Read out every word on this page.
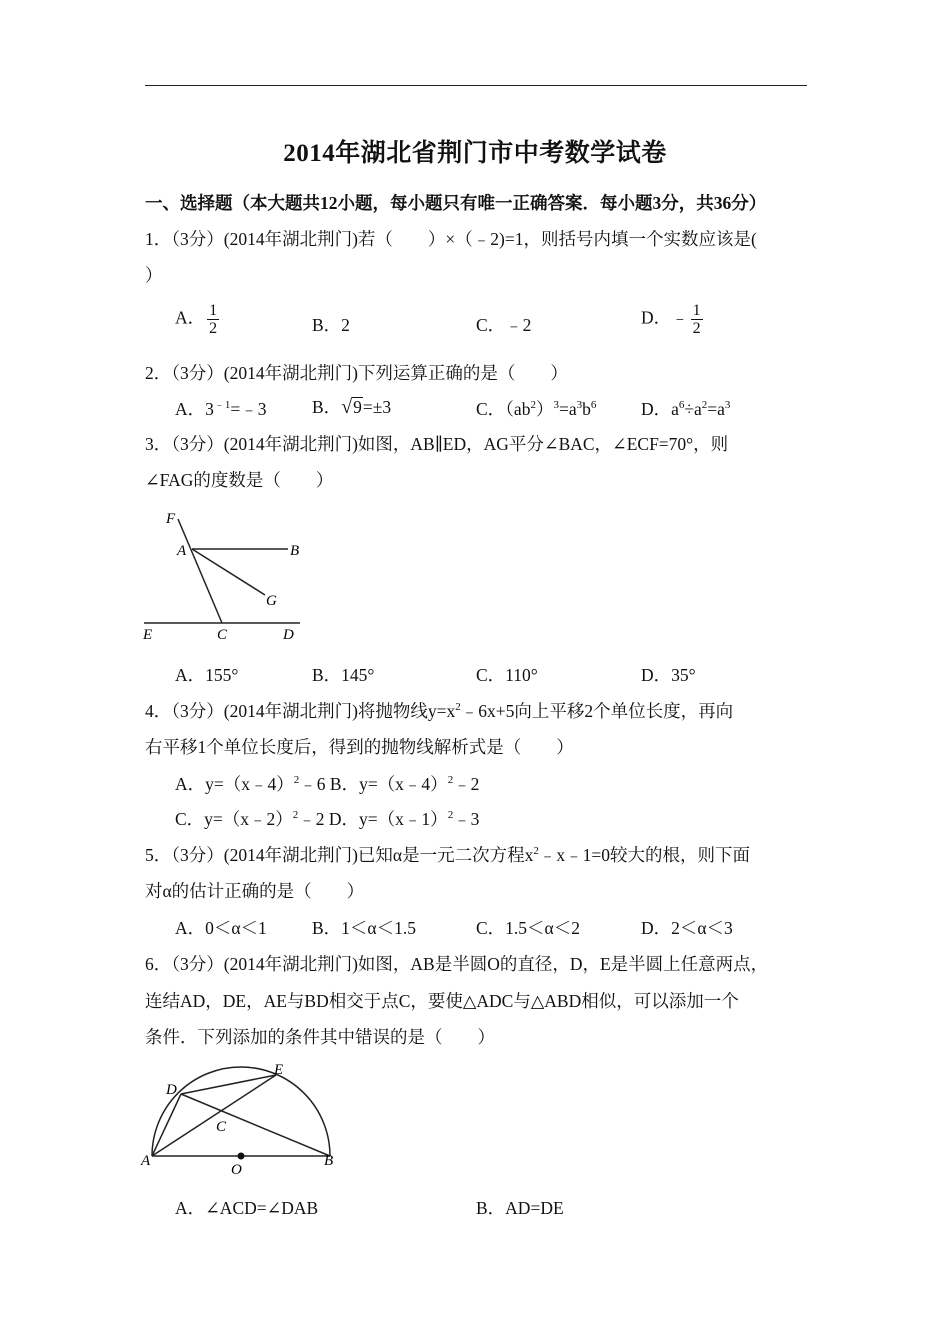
2014年湖北省荆门市中考数学试卷
一、选择题（本大题共12小题，每小题只有唯一正确答案．每小题3分，共36分）
1．（3分）(2014年湖北荆门)若（　　）×（﹣2)=1，则括号内填一个实数应该是(
）
A． $\frac{1}{2}$	B．2	C．﹣2	D．﹣ $\frac{1}{2}$
2．（3分）(2014年湖北荆门)下列运算正确的是（　　）
A．$3^{﹣1}=﹣3$	B． √ 9 =±3	C．$(ab^2)^3=a^3b^6$	D．$a^6\div a^2=a^3$
3．（3分）(2014年湖北荆门)如图，AB∥ED，AG平分∠BAC，∠ECF=70°，则
∠FAG的度数是（　　）
F
A	B
G
E	C	D
A．155°	B．145°	C．110°	D．35°
4．（3分）(2014年湖北荆门)将抛物线$y=x^2﹣6x+5$向上平移2个单位长度，再向
右平移1个单位长度后，得到的抛物线解析式是（　　）
A．y=（x﹣4）$^2$﹣6 B．y=（x﹣4）$^2$﹣2
C．y=（x﹣2）$^2$﹣2 D．y=（x﹣1）$^2$﹣3
5．（3分）(2014年湖北荆门)已知α是一元二次方程$x^2﹣x﹣1=0$较大的根，则下面
对α的估计正确的是（　　）
A．0＜α＜1	B．1＜α＜1.5	C．1.5＜α＜2	D．2＜α＜3
6．（3分）(2014年湖北荆门)如图，AB是半圆O的直径，D，E是半圆上任意两点，
连结AD，DE，AE与BD相交于点C，要使△ADC与△ABD相似，可以添加一个
条件．下列添加的条件其中错误的是（　　）
D
E
C
A
O
B
A．∠ACD=∠DAB	B．AD=DE
